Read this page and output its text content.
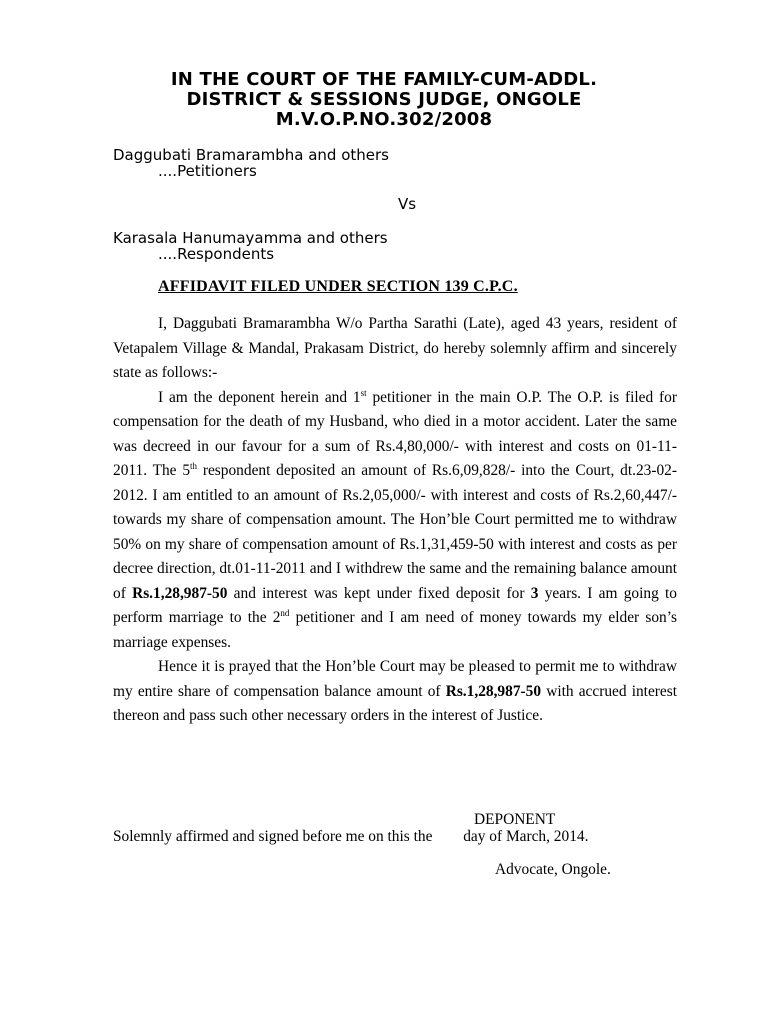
IN THE COURT OF THE FAMILY-CUM-ADDL.
DISTRICT & SESSIONS JUDGE, ONGOLE
M.V.O.P.NO.302/2008
Daggubati Bramarambha and others
....Petitioners
Vs
Karasala Hanumayamma and others
....Respondents
AFFIDAVIT FILED UNDER SECTION 139 C.P.C.

I, Daggubati Bramarambha W/o Partha Sarathi (Late), aged 43 years, resident of Vetapalem Village & Mandal, Prakasam District, do hereby solemnly affirm and sincerely state as follows:-

I am the deponent herein and 1st petitioner in the main O.P. The O.P. is filed for compensation for the death of my Husband, who died in a motor accident. Later the same was decreed in our favour for a sum of Rs.4,80,000/- with interest and costs on 01-11-2011. The 5th respondent deposited an amount of Rs.6,09,828/- into the Court, dt.23-02-2012. I am entitled to an amount of Rs.2,05,000/- with interest and costs of Rs.2,60,447/- towards my share of compensation amount. The Hon’ble Court permitted me to withdraw 50% on my share of compensation amount of Rs.1,31,459-50 with interest and costs as per decree direction, dt.01-11-2011 and I withdrew the same and the remaining balance amount of Rs.1,28,987-50 and interest was kept under fixed deposit for 3 years. I am going to perform marriage to the 2nd petitioner and I am need of money towards my elder son’s marriage expenses.

Hence it is prayed that the Hon’ble Court may be pleased to permit me to withdraw my entire share of compensation balance amount of Rs.1,28,987-50 with accrued interest thereon and pass such other necessary orders in the interest of Justice.

DEPONENT
Solemnly affirmed and signed before me on this the        day of March, 2014.
Advocate, Ongole.
